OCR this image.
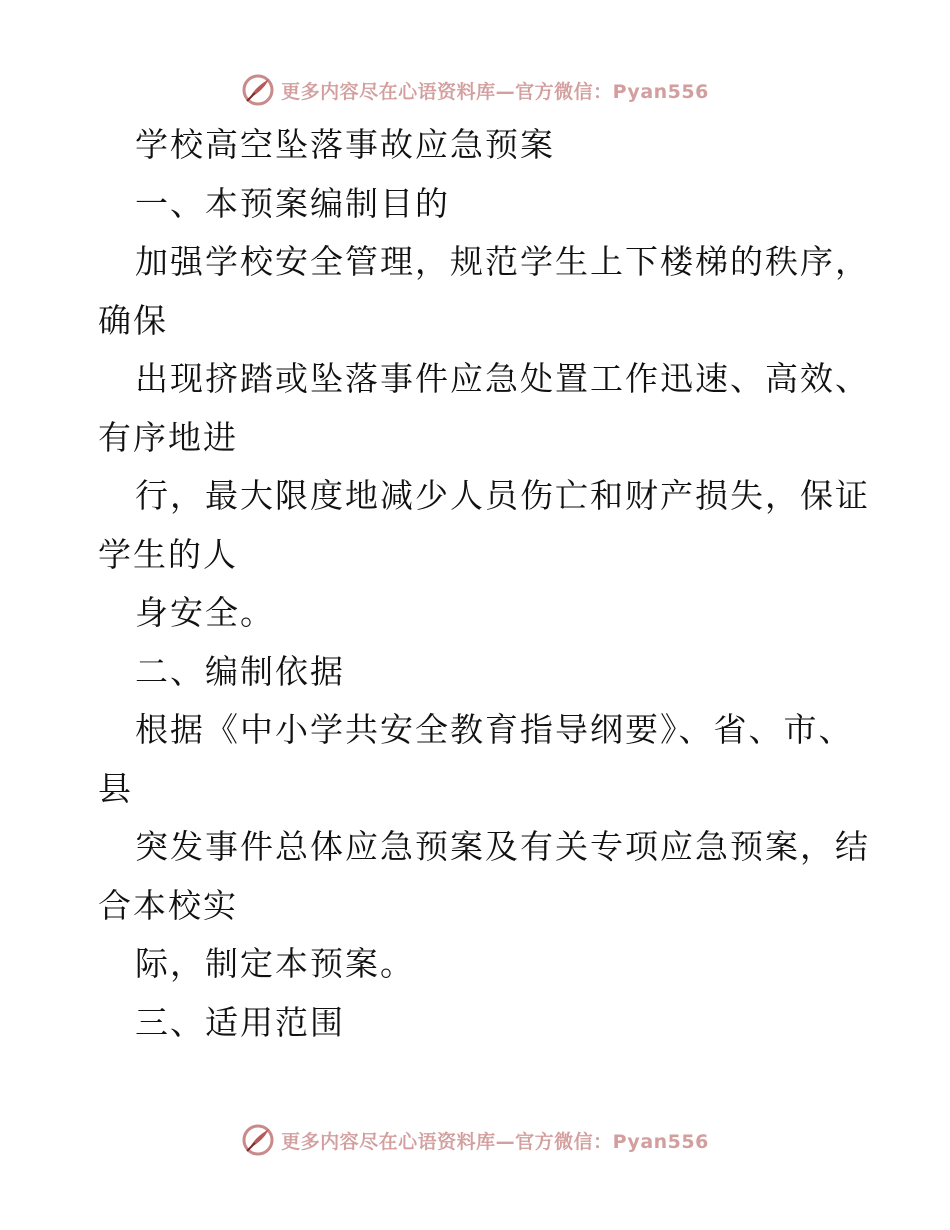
更多内容尽在心语资料库—官方微信：Pyan556
学校高空坠落事故应急预案
一、本预案编制目的
加强学校安全管理，规范学生上下楼梯的秩序，
确保
出现挤踏或坠落事件应急处置工作迅速、高效、
有序地进
行，最大限度地减少人员伤亡和财产损失，保证
学生的人
身安全。
二、编制依据
根据《中小学共安全教育指导纲要》、省、市、
县
突发事件总体应急预案及有关专项应急预案，结
合本校实
际，制定本预案。
三、适用范围
更多内容尽在心语资料库—官方微信：Pyan556
